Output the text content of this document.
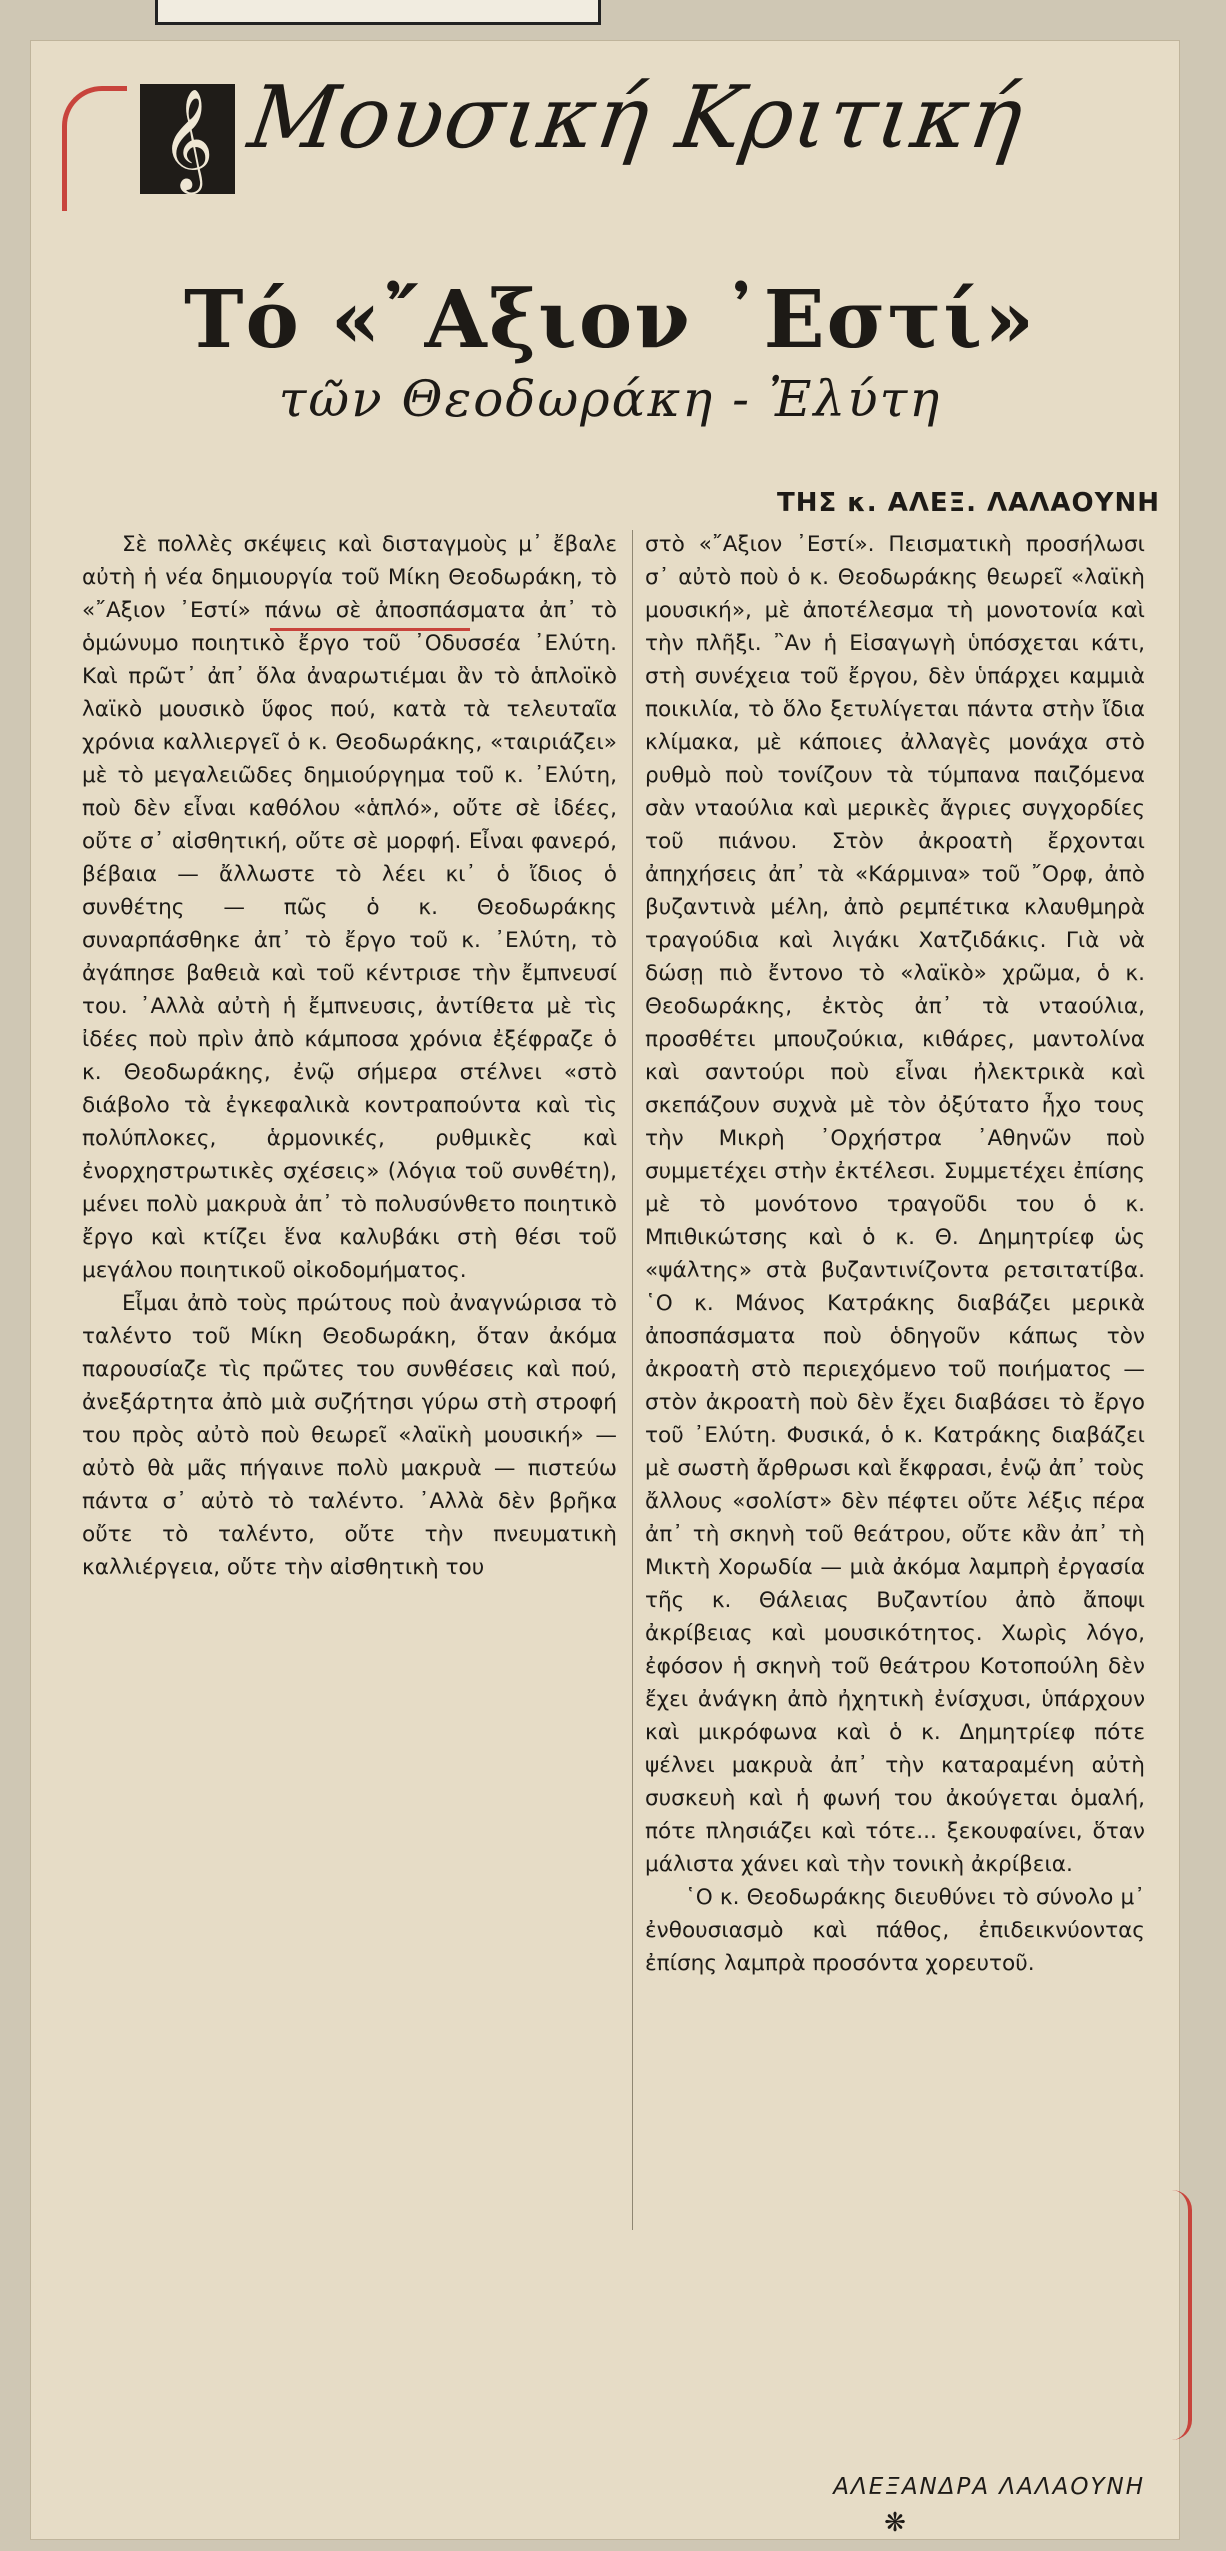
𝄞 Μουσική Κριτική
Τό «῎Αξιον ᾿Εστί»
τῶν Θεοδωράκη - Ἐλύτη
ΤΗΣ κ. ΑΛΕΞ. ΛΑΛΑΟΥΝΗ

Σὲ πολλὲς σκέψεις καὶ δισταγμοὺς μ᾿ ἔβαλε αὐτὴ ἡ νέα δημιουργία τοῦ Μίκη Θεοδωράκη, τὸ «῎Αξιον ᾿Εστί» πάνω σὲ ἀποσπάσματα ἀπ᾿ τὸ ὁμώνυμο ποιητικὸ ἔργο τοῦ ᾿Οδυσσέα ᾿Ελύτη. Καὶ πρῶτ᾿ ἀπ᾿ ὅλα ἀναρωτιέμαι ἂν τὸ ἁπλοϊκὸ λαϊκὸ μουσικὸ ὕφος πού, κατὰ τὰ τελευταῖα χρόνια καλλιεργεῖ ὁ κ. Θεοδωράκης, «ταιριάζει» μὲ τὸ μεγαλειῶδες δημιούργημα τοῦ κ. ᾿Ελύτη, ποὺ δὲν εἶναι καθόλου «ἁπλό», οὔτε σὲ ἰδέες, οὔτε σ᾿ αἰσθητική, οὔτε σὲ μορφή. Εἶναι φανερό, βέβαια — ἄλλωστε τὸ λέει κι᾿ ὁ ἴδιος ὁ συνθέτης — πῶς ὁ κ. Θεοδωράκης συναρπάσθηκε ἀπ᾿ τὸ ἔργο τοῦ κ. ᾿Ελύτη, τὸ ἀγάπησε βαθειὰ καὶ τοῦ κέντρισε τὴν ἔμπνευσί του. ᾿Αλλὰ αὐτὴ ἡ ἔμπνευσις, ἀντίθετα μὲ τὶς ἰδέες ποὺ πρὶν ἀπὸ κάμποσα χρόνια ἐξέφραζε ὁ κ. Θεοδωράκης, ἐνῷ σήμερα στέλνει «στὸ διάβολο τὰ ἐγκεφαλικὰ κοντραπούντα καὶ τὶς πολύπλοκες, ἁρμονικές, ρυθμικὲς καὶ ἐνορχηστρωτικὲς σχέσεις» (λόγια τοῦ συνθέτη), μένει πολὺ μακρυὰ ἀπ᾿ τὸ πολυσύνθετο ποιητικὸ ἔργο καὶ κτίζει ἕνα καλυβάκι στὴ θέσι τοῦ μεγάλου ποιητικοῦ οἰκοδομήματος.

Εἶμαι ἀπὸ τοὺς πρώτους ποὺ ἀναγνώρισα τὸ ταλέντο τοῦ Μίκη Θεοδωράκη, ὅταν ἀκόμα παρουσίαζε τὶς πρῶτες του συνθέσεις καὶ πού, ἀνεξάρτητα ἀπὸ μιὰ συζήτησι γύρω στὴ στροφή του πρὸς αὐτὸ ποὺ θεωρεῖ «λαϊκὴ μουσική» — αὐτὸ θὰ μᾶς πήγαινε πολὺ μακρυὰ — πιστεύω πάντα σ᾿ αὐτὸ τὸ ταλέντο. ᾿Αλλὰ δὲν βρῆκα οὔτε τὸ ταλέντο, οὔτε τὴν πνευματικὴ καλλιέργεια, οὔτε τὴν αἰσθητικὴ του

στὸ «῎Αξιον ᾿Εστί». Πεισματικὴ προσήλωσι σ᾿ αὐτὸ ποὺ ὁ κ. Θεοδωράκης θεωρεῖ «λαϊκὴ μουσική», μὲ ἀποτέλεσμα τὴ μονοτονία καὶ τὴν πλῆξι. ῍Αν ἡ Εἰσαγωγὴ ὑπόσχεται κάτι, στὴ συνέχεια τοῦ ἔργου, δὲν ὑπάρχει καμμιὰ ποικιλία, τὸ ὅλο ξετυλίγεται πάντα στὴν ἴδια κλίμακα, μὲ κάποιες ἀλλαγὲς μονάχα στὸ ρυθμὸ ποὺ τονίζουν τὰ τύμπανα παιζόμενα σὰν νταούλια καὶ μερικὲς ἄγριες συγχορδίες τοῦ πιάνου. Στὸν ἀκροατὴ ἔρχονται ἀπηχήσεις ἀπ᾿ τὰ «Κάρμινα» τοῦ ῎Ορφ, ἀπὸ βυζαντινὰ μέλη, ἀπὸ ρεμπέτικα κλαυθμηρὰ τραγούδια καὶ λιγάκι Χατζιδάκις. Γιὰ νὰ δώσῃ πιὸ ἔντονο τὸ «λαϊκὸ» χρῶμα, ὁ κ. Θεοδωράκης, ἐκτὸς ἀπ᾿ τὰ νταούλια, προσθέτει μπουζούκια, κιθάρες, μαντολίνα καὶ σαντούρι ποὺ εἶναι ἠλεκτρικὰ καὶ σκεπάζουν συχνὰ μὲ τὸν ὀξύτατο ἦχο τους τὴν Μικρὴ ᾿Ορχήστρα ᾿Αθηνῶν ποὺ συμμετέχει στὴν ἐκτέλεσι. Συμμετέχει ἐπίσης μὲ τὸ μονότονο τραγοῦδι του ὁ κ. Μπιθικώτσης καὶ ὁ κ. Θ. Δημητρίεφ ὡς «ψάλτης» στὰ βυζαντινίζοντα ρετσιτατίβα. ῾Ο κ. Μάνος Κατράκης διαβάζει μερικὰ ἀποσπάσματα ποὺ ὁδηγοῦν κάπως τὸν ἀκροατὴ στὸ περιεχόμενο τοῦ ποιήματος — στὸν ἀκροατὴ ποὺ δὲν ἔχει διαβάσει τὸ ἔργο τοῦ ᾿Ελύτη. Φυσικά, ὁ κ. Κατράκης διαβάζει μὲ σωστὴ ἄρθρωσι καὶ ἔκφρασι, ἐνῷ ἀπ᾿ τοὺς ἄλλους «σολίστ» δὲν πέφτει οὔτε λέξις πέρα ἀπ᾿ τὴ σκηνὴ τοῦ θεάτρου, οὔτε κἂν ἀπ᾿ τὴ Μικτὴ Χορωδία — μιὰ ἀκόμα λαμπρὴ ἐργασία τῆς κ. Θάλειας Βυζαντίου ἀπὸ ἄποψι ἀκρίβειας καὶ μουσικότητος. Χωρὶς λόγο, ἐφόσον ἡ σκηνὴ τοῦ θεάτρου Κοτοπούλη δὲν ἔχει ἀνάγκη ἀπὸ ἠχητικὴ ἐνίσχυσι, ὑπάρχουν καὶ μικρόφωνα καὶ ὁ κ. Δημητρίεφ πότε ψέλνει μακρυὰ ἀπ᾿ τὴν καταραμένη αὐτὴ συσκευὴ καὶ ἡ φωνή του ἀκούγεται ὁμαλή, πότε πλησιάζει καὶ τότε... ξεκουφαίνει, ὅταν μάλιστα χάνει καὶ τὴν τονικὴ ἀκρίβεια.

῾Ο κ. Θεοδωράκης διευθύνει τὸ σύνολο μ᾿ ἐνθουσιασμὸ καὶ πάθος, ἐπιδεικνύοντας ἐπίσης λαμπρὰ προσόντα χορευτοῦ.

ΑΛΕΞΑΝΔΡΑ ΛΑΛΑΟΥΝΗ
❋
